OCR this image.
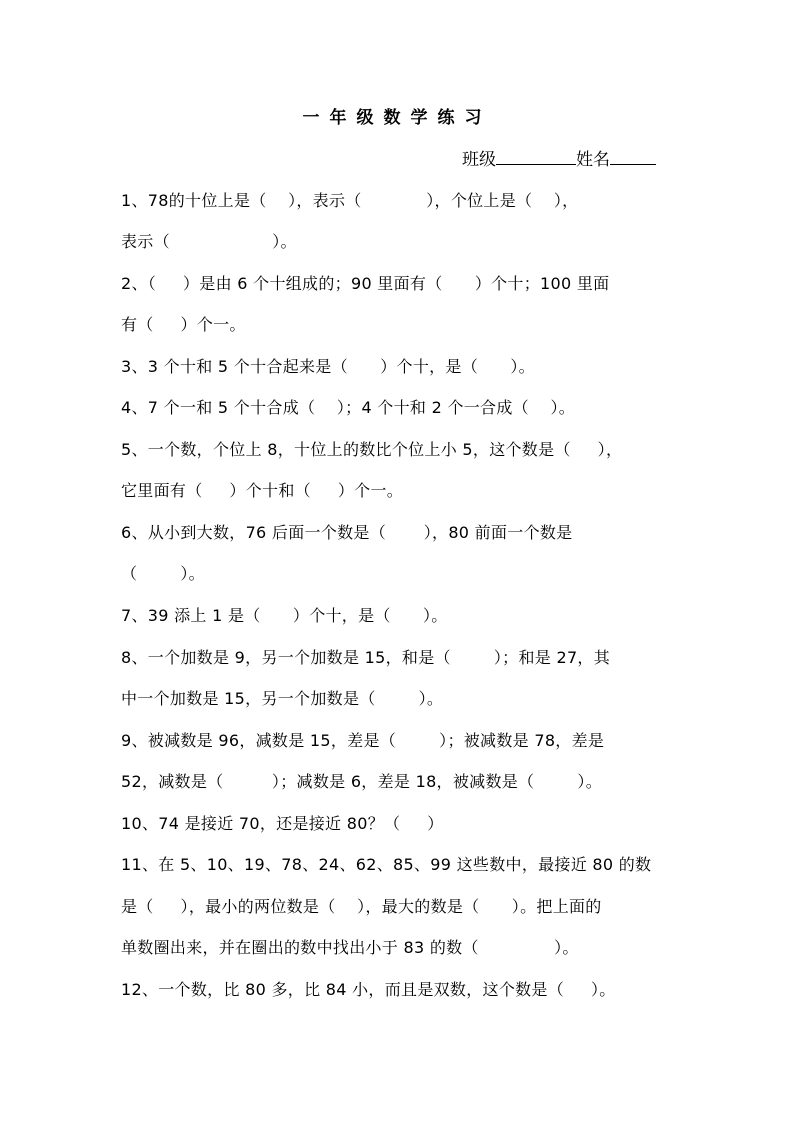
一年级数学练习
班级	姓名
1、78的十位上是（    ），表示（            ），个位上是（    ），
表示（                   ）。
2、（     ）是由 6 个十组成的；90 里面有（      ）个十；100 里面
有（     ）个一。
3、3 个十和 5 个十合起来是（      ）个十，是（      ）。
4、7 个一和 5 个十合成（    ）；4 个十和 2 个一合成（    ）。
5、一个数，个位上 8，十位上的数比个位上小 5，这个数是（     ），
它里面有（     ）个十和（     ）个一。
6、从小到大数，76 后面一个数是（       ），80 前面一个数是
（        ）。
7、39 添上 1 是（      ）个十，是（      ）。
8、一个加数是 9，另一个加数是 15，和是（        ）；和是 27，其
中一个加数是 15，另一个加数是（        ）。
9、被减数是 96，减数是 15，差是（        ）；被减数是 78，差是
52，减数是（         ）；减数是 6，差是 18，被减数是（        ）。
10、74 是接近 70，还是接近 80？（     ）
11、在 5、10、19、78、24、62、85、99 这些数中，最接近 80 的数
是（     ），最小的两位数是（    ），最大的数是（      ）。把上面的
单数圈出来，并在圈出的数中找出小于 83 的数（              ）。
12、一个数，比 80 多，比 84 小，而且是双数，这个数是（     ）。
